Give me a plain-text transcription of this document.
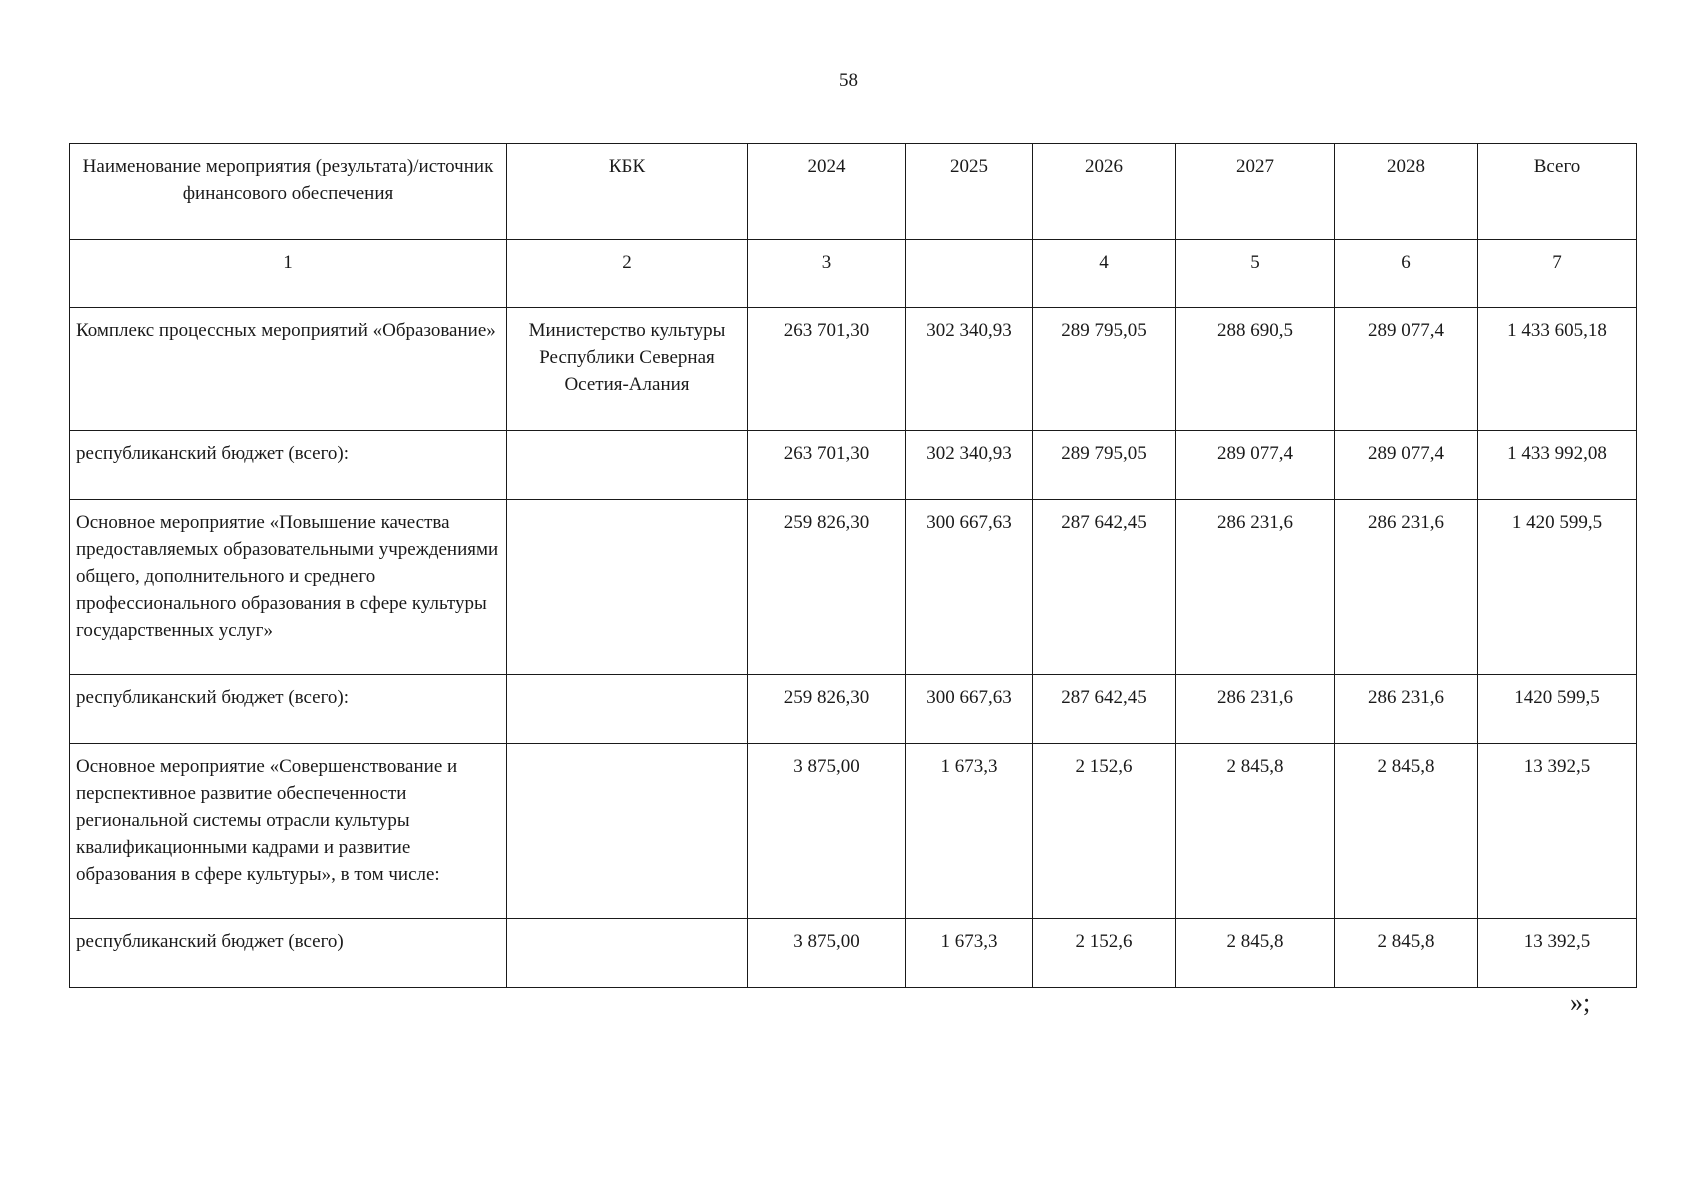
58
Наименование мероприятия (результата)/источник финансового обеспечения	КБК	2024	2025	2026	2027	2028	Всего
1	2	3		4	5	6	7
Комплекс процессных мероприятий «Образование»	Министерство культуры Республики Северная Осетия-Алания	263 701,30	302 340,93	289 795,05	288 690,5	289 077,4	1 433 605,18
республиканский бюджет (всего):		263 701,30	302 340,93	289 795,05	289 077,4	289 077,4	1 433 992,08
Основное мероприятие «Повышение качества предоставляемых образовательными учреждениями общего, дополнительного и среднего профессионального образования в сфере культуры государственных услуг»		259 826,30	300 667,63	287 642,45	286 231,6	286 231,6	1 420 599,5
республиканский бюджет (всего):		259 826,30	300 667,63	287 642,45	286 231,6	286 231,6	1420 599,5
Основное мероприятие «Совершенствование и перспективное развитие обеспеченности региональной системы отрасли культуры квалификационными кадрами и развитие образования в сфере культуры», в том числе:		3 875,00	1 673,3	2 152,6	2 845,8	2 845,8	13 392,5
республиканский бюджет (всего)		3 875,00	1 673,3	2 152,6	2 845,8	2 845,8	13 392,5
»;
